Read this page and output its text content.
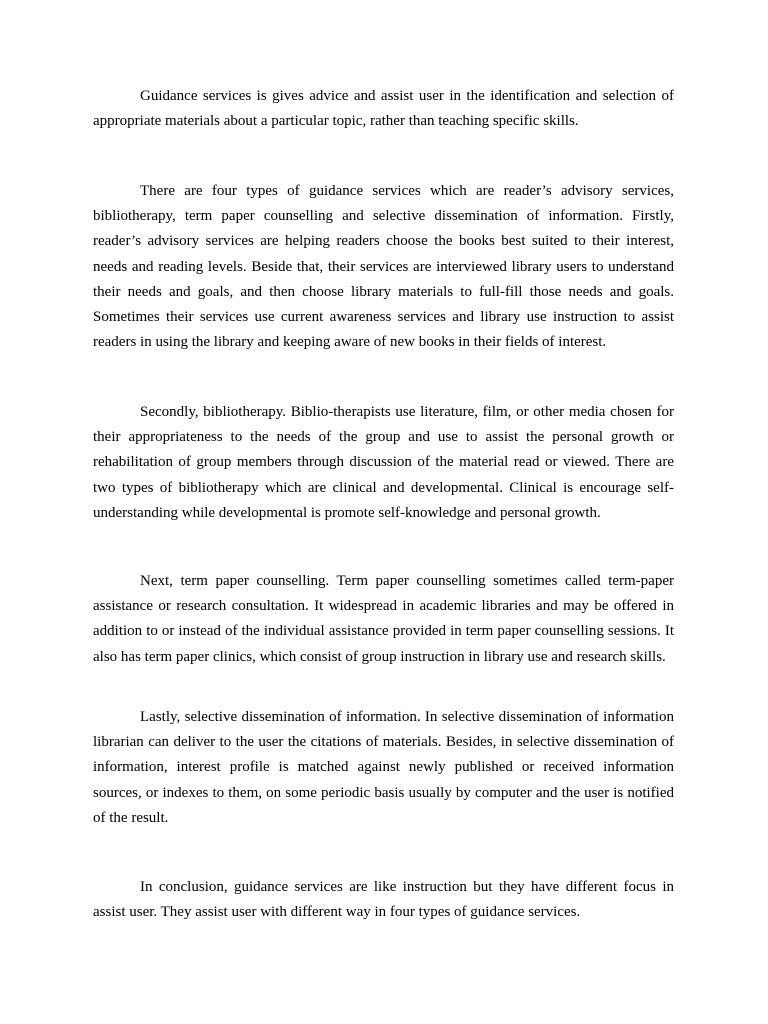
Guidance services is gives advice and assist user in the identification and selection of appropriate materials about a particular topic, rather than teaching specific skills.

There are four types of guidance services which are reader’s advisory services, bibliotherapy, term paper counselling and selective dissemination of information. Firstly, reader’s advisory services are helping readers choose the books best suited to their interest, needs and reading levels. Beside that, their services are interviewed library users to understand their needs and goals, and then choose library materials to full-fill those needs and goals. Sometimes their services use current awareness services and library use instruction to assist readers in using the library and keeping aware of new books in their fields of interest.

Secondly, bibliotherapy. Biblio-therapists use literature, film, or other media chosen for their appropriateness to the needs of the group and use to assist the personal growth or rehabilitation of group members through discussion of the material read or viewed. There are two types of bibliotherapy which are clinical and developmental. Clinical is encourage self-understanding while developmental is promote self-knowledge and personal growth.

Next, term paper counselling. Term paper counselling sometimes called term-paper assistance or research consultation. It widespread in academic libraries and may be offered in addition to or instead of the individual assistance provided in term paper counselling sessions. It also has term paper clinics, which consist of group instruction in library use and research skills.

Lastly, selective dissemination of information. In selective dissemination of information librarian can deliver to the user the citations of materials. Besides, in selective dissemination of information, interest profile is matched against newly published or received information sources, or indexes to them, on some periodic basis usually by computer and the user is notified of the result.

In conclusion, guidance services are like instruction but they have different focus in assist user. They assist user with different way in four types of guidance services.
